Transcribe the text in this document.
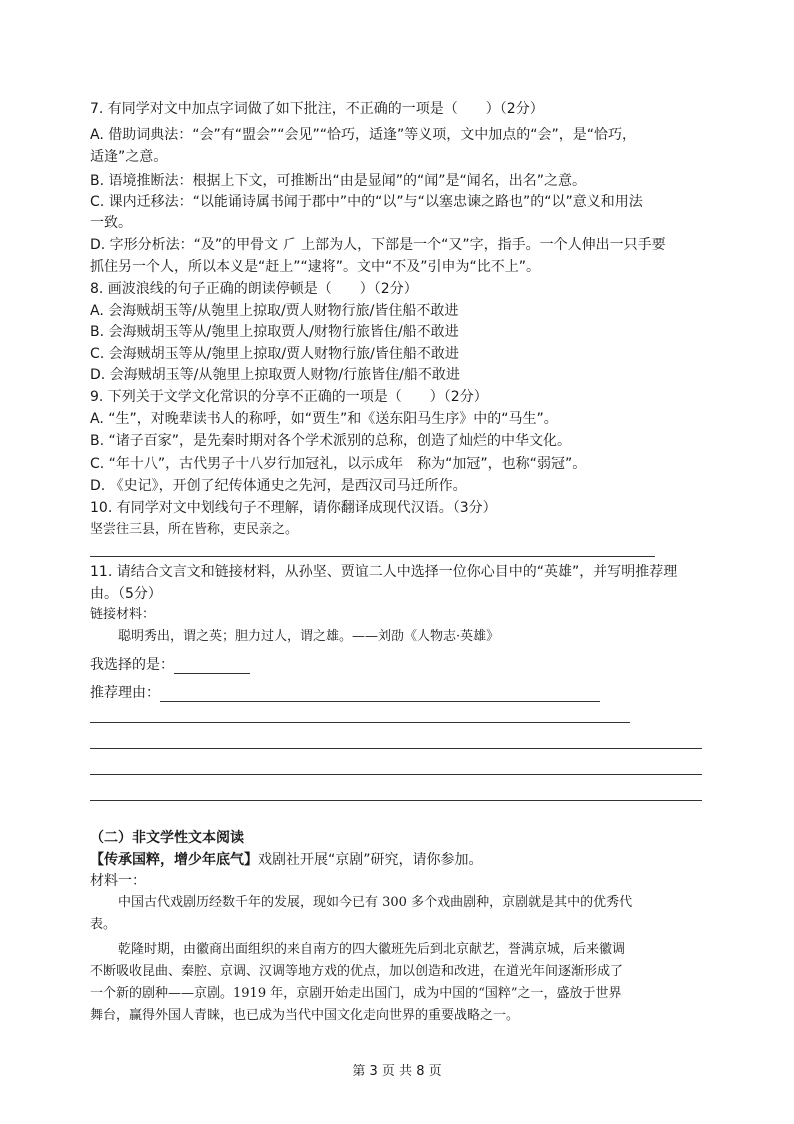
7. 有同学对文中加点字词做了如下批注，不正确的一项是（　　）（2分）
A. 借助词典法：“会”有“盟会”“会见”“恰巧，适逢”等义项，文中加点的“会”，是“恰巧，
适逢”之意。
B. 语境推断法：根据上下文，可推断出“由是显闻”的“闻”是“闻名，出名”之意。
C. 课内迁移法：“以能诵诗属书闻于郡中”中的“以”与“以塞忠谏之路也”的“以”意义和用法
一致。
D. 字形分析法：“及”的甲骨文 ⺁ 上部为人，下部是一个“又”字，指手。一个人伸出一只手要
抓住另一个人，所以本义是“赶上”“逮将”。文中“不及”引申为“比不上”。
8. 画波浪线的句子正确的朗读停顿是（　　）（2分）
A. 会海贼胡玉等/从匏里上掠取/贾人财物行旅/皆住船不敢进
B. 会海贼胡玉等从/匏里上掠取贾人/财物行旅皆住/船不敢进
C. 会海贼胡玉等从/匏里上掠取/贾人财物行旅/皆住船不敢进
D. 会海贼胡玉等/从匏里上掠取贾人财物/行旅皆住/船不敢进
9. 下列关于文学文化常识的分享不正确的一项是（　　）（2分）
A. “生”，对晚辈读书人的称呼，如“贾生”和《送东阳马生序》中的“马生”。
B. “诸子百家”，是先秦时期对各个学术派别的总称，创造了灿烂的中华文化。
C. “年十八”，古代男子十八岁行加冠礼，以示成年　称为“加冠”，也称“弱冠”。
D. 《史记》，开创了纪传体通史之先河，是西汉司马迁所作。
10. 有同学对文中划线句子不理解，请你翻译成现代汉语。（3分）
坚尝往三县，所在皆称，吏民亲之。
11. 请结合文言文和链接材料，从孙坚、贾谊二人中选择一位你心目中的“英雄”，并写明推荐理
由。（5分）
链接材料：
聪明秀出，谓之英；胆力过人，谓之雄。——刘劭《人物志·英雄》
我选择的是：
推荐理由：
（二）非文学性文本阅读
【传承国粹，增少年底气】戏剧社开展“京剧”研究，请你参加。
材料一：
中国古代戏剧历经数千年的发展，现如今已有 300 多个戏曲剧种，京剧就是其中的优秀代
表。
乾隆时期，由徽商出面组织的来自南方的四大徽班先后到北京献艺，誉满京城，后来徽调
不断吸收昆曲、秦腔、京调、汉调等地方戏的优点，加以创造和改进，在道光年间逐渐形成了
一个新的剧种——京剧。1919 年，京剧开始走出国门，成为中国的“国粹”之一，盛放于世界
舞台，赢得外国人青睐，也已成为当代中国文化走向世界的重要战略之一。
第 3 页 共 8 页
